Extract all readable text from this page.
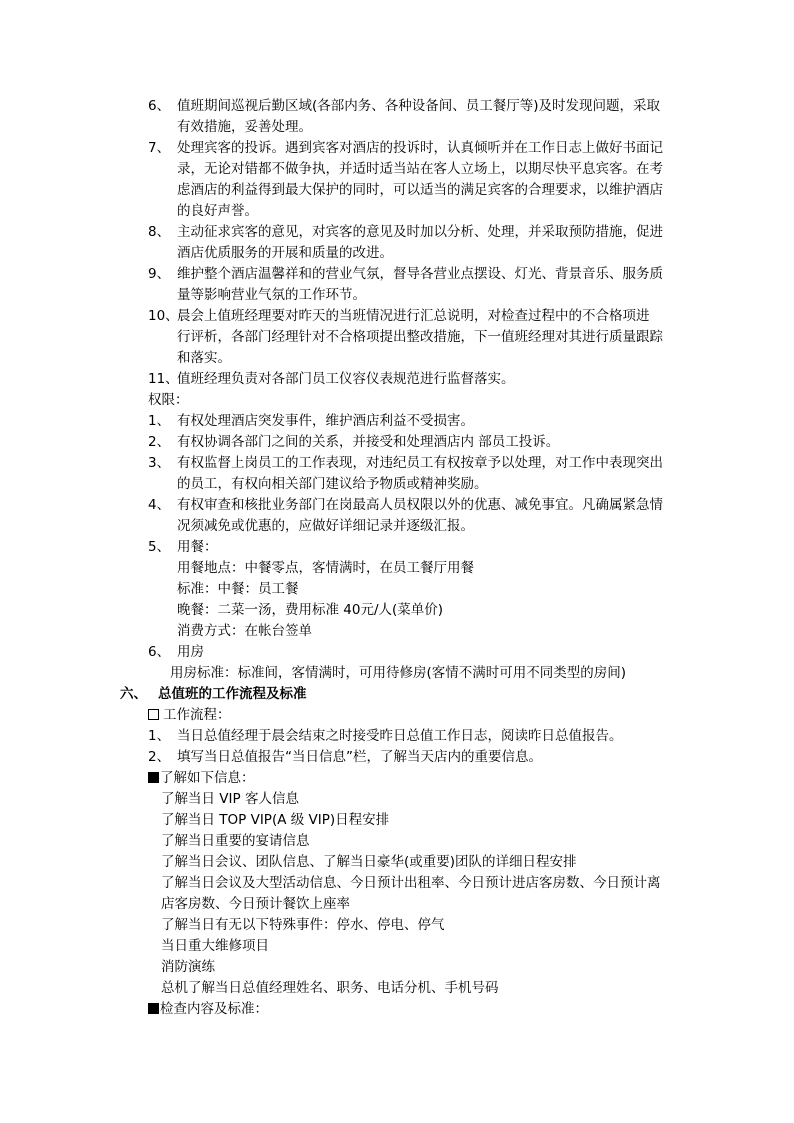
6、 值班期间巡视后勤区域(各部内务、各种设备间、员工餐厅等)及时发现问题，采取
有效措施，妥善处理。
7、 处理宾客的投诉。遇到宾客对酒店的投诉时，认真倾听并在工作日志上做好书面记
录，无论对错都不做争执，并适时适当站在客人立场上，以期尽快平息宾客。在考
虑酒店的利益得到最大保护的同时，可以适当的满足宾客的合理要求，以维护酒店
的良好声誉。
8、 主动征求宾客的意见，对宾客的意见及时加以分析、处理，并采取预防措施，促进
酒店优质服务的开展和质量的改进。
9、 维护整个酒店温馨祥和的营业气氛，督导各营业点摆设、灯光、背景音乐、服务质
量等影响营业气氛的工作环节。
10、
晨会上值班经理要对昨天的当班情况进行汇总说明，对检查过程中的不合格项进
行评析，各部门经理针对不合格项提出整改措施，下一值班经理对其进行质量跟踪
和落实。
11、
值班经理负责对各部门员工仪容仪表规范进行监督落实。
权限：
1、 有权处理酒店突发事件，维护酒店利益不受损害。
2、 有权协调各部门之间的关系，并接受和处理酒店内 部员工投诉。
3、 有权监督上岗员工的工作表现，对违纪员工有权按章予以处理，对工作中表现突出
的员工，有权向相关部门建议给予物质或精神奖励。
4、 有权审查和核批业务部门在岗最高人员权限以外的优惠、减免事宜。凡确属紧急情
况须减免或优惠的，应做好详细记录并逐级汇报。
5、 用餐：
用餐地点：中餐零点，客情满时，在员工餐厅用餐
标准：中餐：员工餐
晚餐：二菜一汤，费用标准 40元/人(菜单价)
消费方式：在帐台签单
6、 用房
用房标准：标准间，客情满时，可用待修房(客情不满时可用不同类型的房间)
六、 总值班的工作流程及标准
工作流程：
1、 当日总值经理于晨会结束之时接受昨日总值工作日志，阅读昨日总值报告。
2、 填写当日总值报告“当日信息”栏，了解当天店内的重要信息。
了解如下信息：
了解当日 VIP 客人信息
了解当日 TOP VIP(A 级 VIP)日程安排
了解当日重要的宴请信息
了解当日会议、团队信息、了解当日豪华(或重要)团队的详细日程安排
了解当日会议及大型活动信息、今日预计出租率、今日预计进店客房数、今日预计离
店客房数、今日预计餐饮上座率
了解当日有无以下特殊事件：停水、停电、停气
当日重大维修项目
消防演练
总机了解当日总值经理姓名、职务、电话分机、手机号码
检查内容及标准：
